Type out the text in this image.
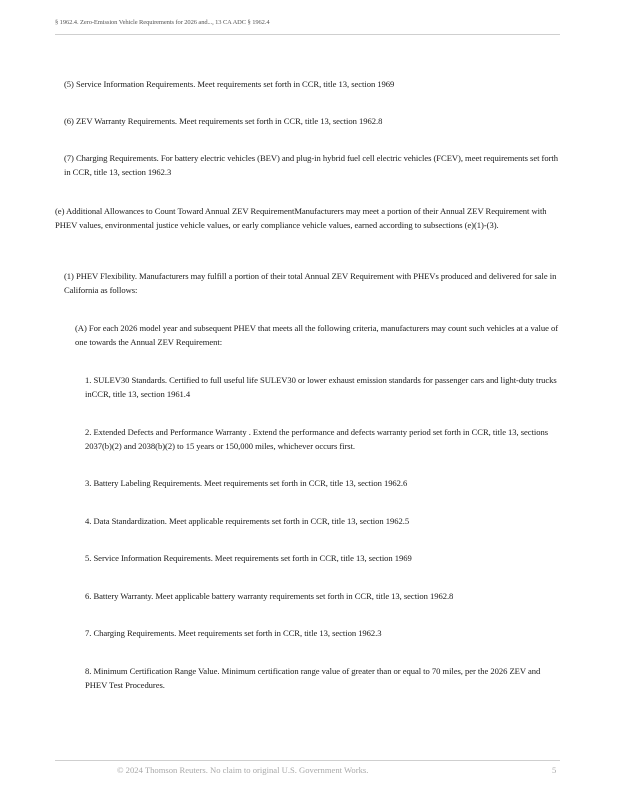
§ 1962.4. Zero-Emission Vehicle Requirements for 2026 and..., 13 CA ADC § 1962.4

(5) Service Information Requirements. Meet requirements set forth in CCR, title 13, section 1969

(6) ZEV Warranty Requirements. Meet requirements set forth in CCR, title 13, section 1962.8

(7) Charging Requirements. For battery electric vehicles (BEV) and plug-in hybrid fuel cell electric vehicles (FCEV), meet requirements set forth in CCR, title 13, section 1962.3

(e) Additional Allowances to Count Toward Annual ZEV RequirementManufacturers may meet a portion of their Annual ZEV Requirement with PHEV values, environmental justice vehicle values, or early compliance vehicle values, earned according to subsections (e)(1)-(3).

(1) PHEV Flexibility. Manufacturers may fulfill a portion of their total Annual ZEV Requirement with PHEVs produced and delivered for sale in California as follows:

(A) For each 2026 model year and subsequent PHEV that meets all the following criteria, manufacturers may count such vehicles at a value of one towards the Annual ZEV Requirement:

1. SULEV30 Standards. Certified to full useful life SULEV30 or lower exhaust emission standards for passenger cars and light-duty trucks inCCR, title 13, section 1961.4

2. Extended Defects and Performance Warranty . Extend the performance and defects warranty period set forth in CCR, title 13, sections 2037(b)(2) and 2038(b)(2) to 15 years or 150,000 miles, whichever occurs first.

3. Battery Labeling Requirements. Meet requirements set forth in CCR, title 13, section 1962.6

4. Data Standardization. Meet applicable requirements set forth in CCR, title 13, section 1962.5

5. Service Information Requirements. Meet requirements set forth in CCR, title 13, section 1969

6. Battery Warranty. Meet applicable battery warranty requirements set forth in CCR, title 13, section 1962.8

7. Charging Requirements. Meet requirements set forth in CCR, title 13, section 1962.3

8. Minimum Certification Range Value. Minimum certification range value of greater than or equal to 70 miles, per the 2026 ZEV and PHEV Test Procedures.

© 2024 Thomson Reuters. No claim to original U.S. Government Works.	5
